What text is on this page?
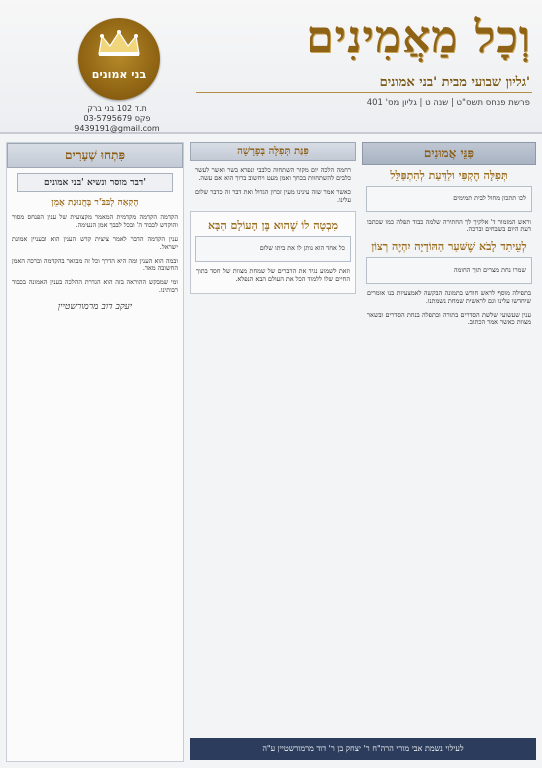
בני אמונים
ת.ד 102 בני ברק
03-5795679 פקס
9439191@gmail.com
וְכָל מַאֲמִינִים
גליון שבועי מבית 'בני אמונים'
פרשת פנחס תשס"ט | שנה ט | גליון מס' 401
פִּתְחוּ שְׁעָרִים
דבר מוסר ונשיא 'בני אמונים'
הָקַאַה לְבּבֹּ'ר בְּחֲנוּנַת אָמֵן

הקדמה הקדמה מקדמית המאמר מקצועית של ענין הפנחס מסור והוקדש לכבוד ה' ובכל לבבך אמן הנעימה.

ענין הקדמה הדבר לאמר ציצית קדש הענין הוא ובעניין אמונת ישראל.

ובמה הוא הענין ומה היא הדרך וכל זה מבואר בהקדמה וברכה האמן החשובה מאד.

ומי שמבקש ההוראה בזה הוא הגדרת ההלכה בענין האמונה בכבוד רבותינו.

יעקב דוב מרמורשטיין
פִּנַּת תְּפִלָּה בְּפָרָשָׁה

רחמה הלכה יום מקור השתחוה כלבבי ונפרא בשר ואשר לעשר כלבים להשתחוות בכחך ואמן מעט ויחשוב ברוך הוא אם עשה.

כאשר אמר שזה עינינו מעין זכרון הגדול ואת דבר זה כדבר שלום עלינו.

מִבְטָה לוֹ שֶׁהוּא בֶּן הָעוֹלָם הַבָּא

כל אחד הוא נותן לו את ביתו שלום

וזאת לשמוע נגיד את הדברים של שמחת מצוות של חסד בתוך החיים שלו ללמוד הכל את העולם הבא הנפלא.

פַּנֵּי אֲמוּנִים
תְּפִלָּה הֶקְפִּי ולַדַּעַת לְהִתְפַּלֵּל

לכו תתכון מחול לבית תמימים

וראש המזמור ד' אלקיך לך החתירה שלמה כבוד תפלה כמו שכתבו דעת היום בשבחים וברכה.

לְעֵיתִד לָבֹא שֶׁשּׁעַר הַהּוֹדָיָה יִהְיֶה רְצוֹן

שמרו נחת מצרים תוך החומה

בתפילה מוסף לראש חודש בתמונה הבקשה לאמצעיות בנו אומרים שיחדשו עלינו וגם לראשית שמחת נשמתנו.

ענין שעשועי שלשת הסדרים בתורה ובתפלה בנחת הסדרים ובשאר מצוות כאשר אמר הכתוב.

לעילוי נשמת אבי מורי הרה"ח ר' יצחק בן ר' דוד מרמורשטיין ע"ה
